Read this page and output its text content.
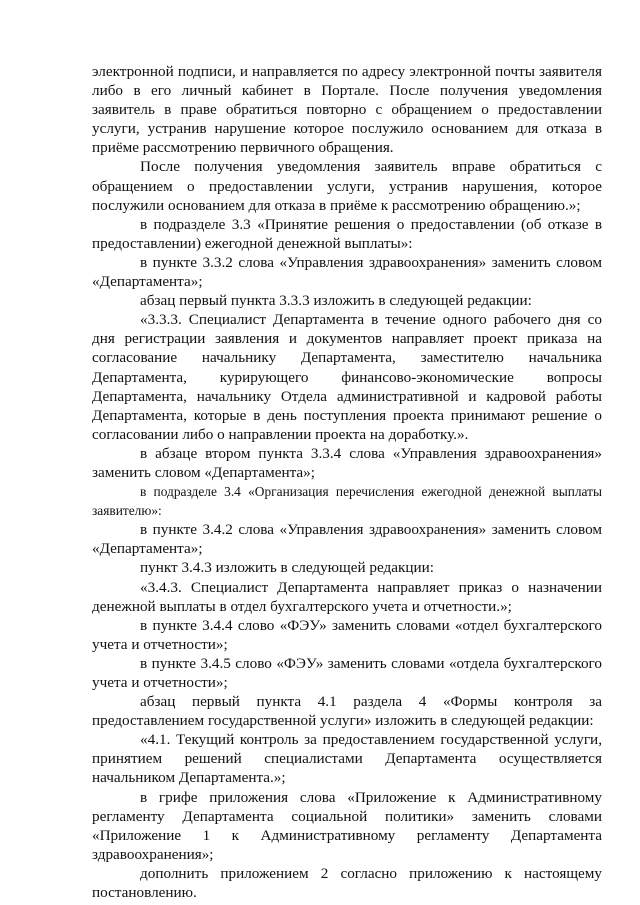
электронной подписи, и направляется по адресу электронной почты заявителя либо в его личный кабинет в Портале. После получения уведомления заявитель в праве обратиться повторно с обращением о предоставлении услуги, устранив нарушение которое послужило основанием для отказа в приёме рассмотрению первичного обращения.

После получения уведомления заявитель вправе обратиться с обращением о предоставлении услуги, устранив нарушения, которое послужили основанием для отказа в приёме к рассмотрению обращению.»;

в подразделе 3.3 «Принятие решения о предоставлении (об отказе в предоставлении) ежегодной денежной выплаты»:

в пункте 3.3.2 слова «Управления здравоохранения» заменить словом «Департамента»;

абзац первый пункта 3.3.3 изложить в следующей редакции:

«3.3.3. Специалист Департамента в течение одного рабочего дня со дня регистрации заявления и документов направляет проект приказа на согласование начальнику Департамента, заместителю начальника Департамента, курирующего финансово-экономические вопросы Департамента, начальнику Отдела административной и кадровой работы Департамента, которые в день поступления проекта принимают решение о согласовании либо о направлении проекта на доработку.».

в абзаце втором пункта 3.3.4 слова «Управления здравоохранения» заменить словом «Департамента»;

в подразделе 3.4 «Организация перечисления ежегодной денежной выплаты заявителю»:

в пункте 3.4.2 слова «Управления здравоохранения» заменить словом «Департамента»;

пункт 3.4.3 изложить в следующей редакции:

«3.4.3. Специалист Департамента направляет приказ о назначении денежной выплаты в отдел бухгалтерского учета и отчетности.»;

в пункте 3.4.4 слово «ФЭУ» заменить словами «отдел бухгалтерского учета и отчетности»;

в пункте 3.4.5 слово «ФЭУ» заменить словами «отдела бухгалтерского учета и отчетности»;

абзац первый пункта 4.1 раздела 4 «Формы контроля за предоставлением государственной услуги» изложить в следующей редакции:

«4.1. Текущий контроль за предоставлением государственной услуги, принятием решений специалистами Департамента осуществляется начальником Департамента.»;

в грифе приложения слова «Приложение к Административному регламенту Департамента социальной политики» заменить словами «Приложение 1 к Административному регламенту Департамента здравоохранения»;

дополнить приложением 2 согласно приложению к настоящему постановлению.
